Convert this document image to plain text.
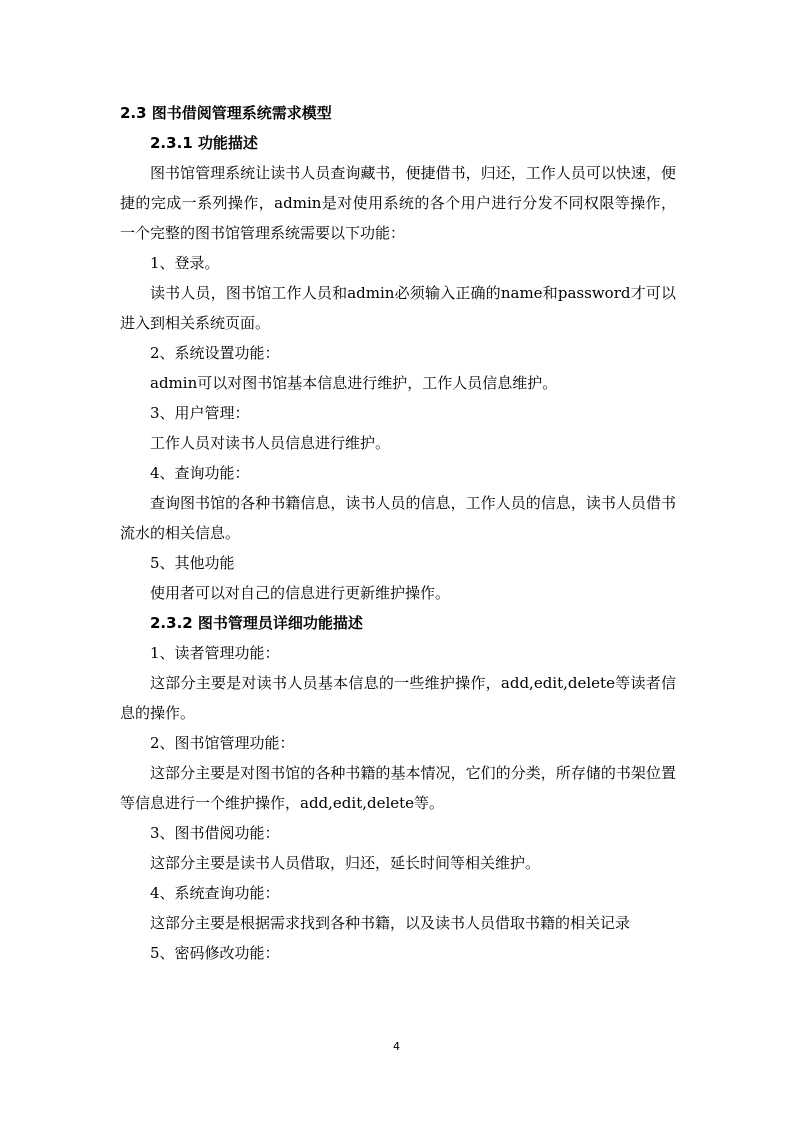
2.3 图书借阅管理系统需求模型
2.3.1 功能描述
图书馆管理系统让读书人员查询藏书，便捷借书，归还，工作人员可以快速，便捷的完成一系列操作，admin是对使用系统的各个用户进行分发不同权限等操作，一个完整的图书馆管理系统需要以下功能：
1、登录。
读书人员，图书馆工作人员和admin必须输入正确的name和password才可以进入到相关系统页面。
2、系统设置功能：
admin可以对图书馆基本信息进行维护，工作人员信息维护。
3、用户管理：
工作人员对读书人员信息进行维护。
4、查询功能：
查询图书馆的各种书籍信息，读书人员的信息，工作人员的信息，读书人员借书流水的相关信息。
5、其他功能
使用者可以对自己的信息进行更新维护操作。
2.3.2 图书管理员详细功能描述
1、读者管理功能：
这部分主要是对读书人员基本信息的一些维护操作，add,edit,delete等读者信息的操作。
2、图书馆管理功能：
这部分主要是对图书馆的各种书籍的基本情况，它们的分类，所存储的书架位置等信息进行一个维护操作，add,edit,delete等。
3、图书借阅功能：
这部分主要是读书人员借取，归还，延长时间等相关维护。
4、系统查询功能：
这部分主要是根据需求找到各种书籍，以及读书人员借取书籍的相关记录
5、密码修改功能：
4
